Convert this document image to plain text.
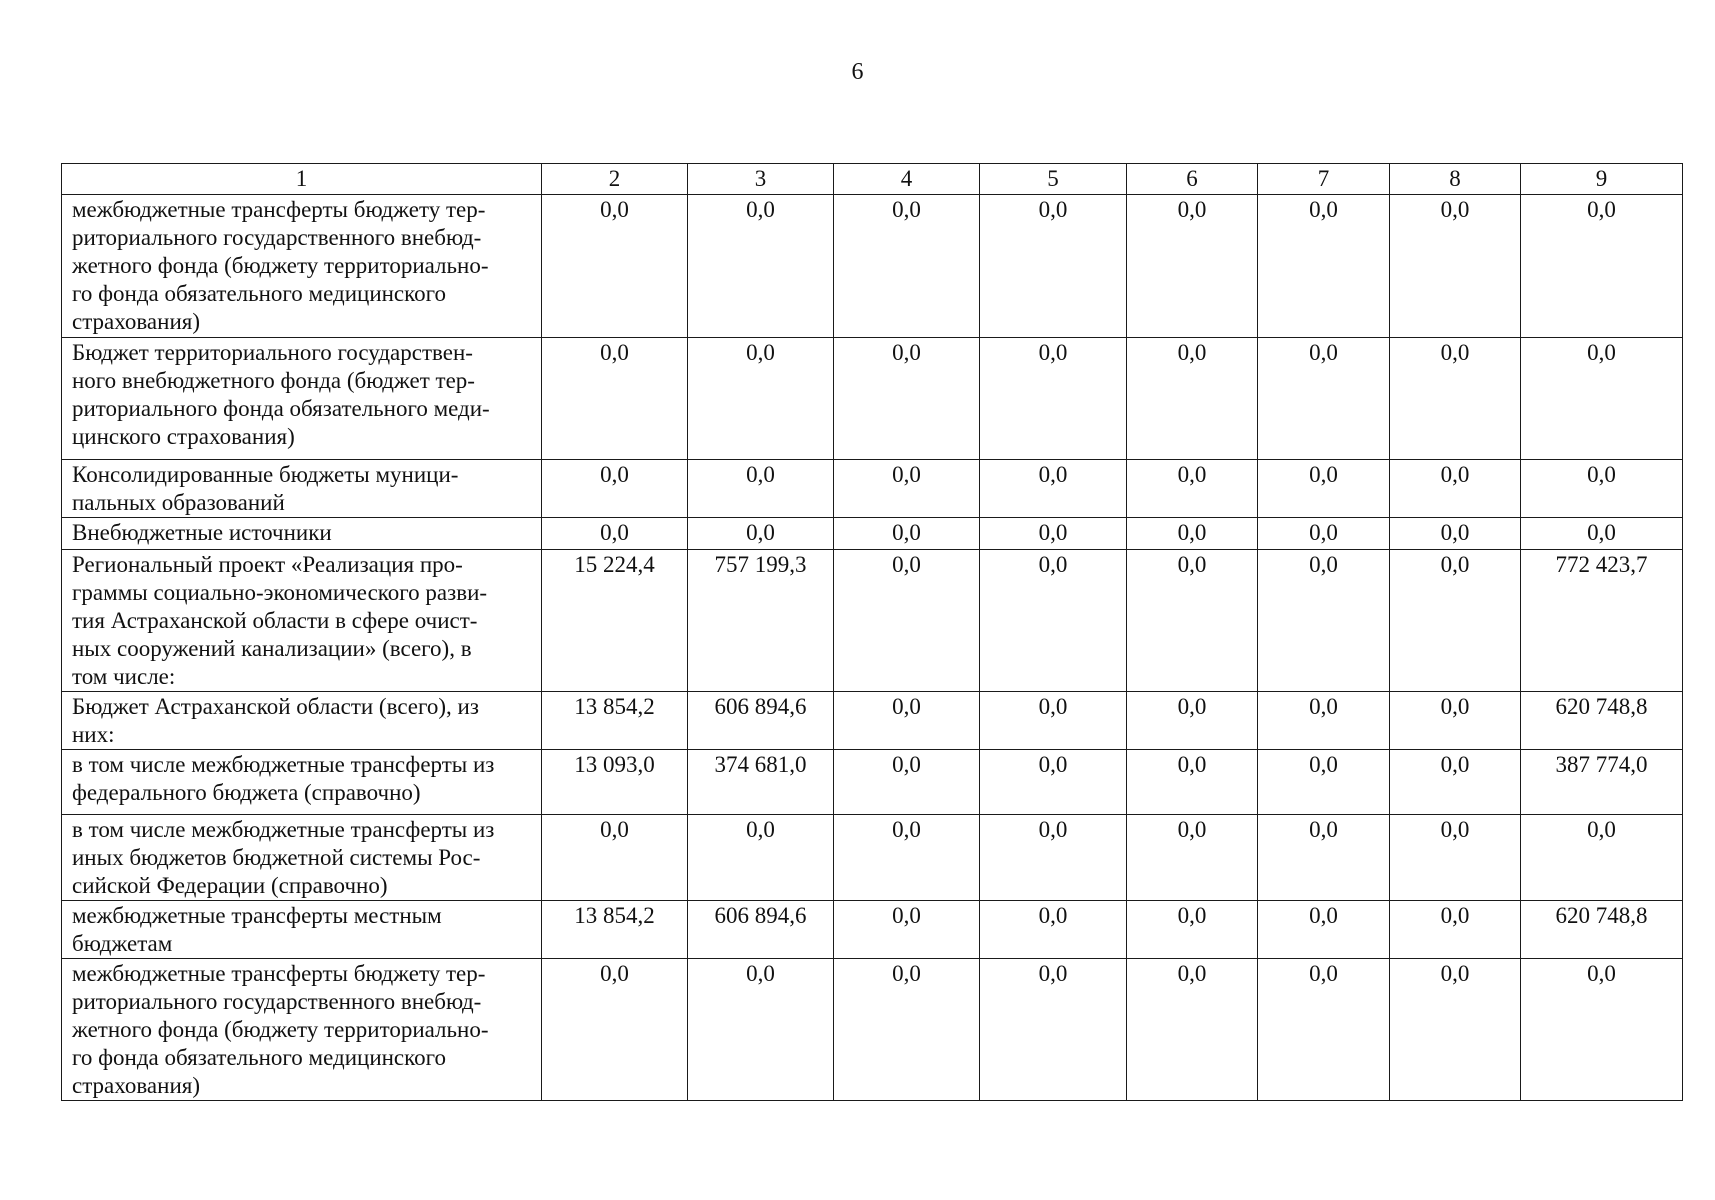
6
1	2	3	4	5	6	7	8	9
межбюджетные трансферты бюджету тер-
риториального государственного внебюд-
жетного фонда (бюджету территориально-
го фонда обязательного медицинского
страхования)	0,0	0,0	0,0	0,0	0,0	0,0	0,0	0,0
Бюджет территориального государствен-
ного внебюджетного фонда (бюджет тер-
риториального фонда обязательного меди-
цинского страхования)	0,0	0,0	0,0	0,0	0,0	0,0	0,0	0,0
Консолидированные бюджеты муници-
пальных образований	0,0	0,0	0,0	0,0	0,0	0,0	0,0	0,0
Внебюджетные источники	0,0	0,0	0,0	0,0	0,0	0,0	0,0	0,0
Региональный проект «Реализация про-
граммы социально-экономического разви-
тия Астраханской области в сфере очист-
ных сооружений канализации» (всего), в
том числе:	15 224,4	757 199,3	0,0	0,0	0,0	0,0	0,0	772 423,7
Бюджет Астраханской области (всего), из
них:	13 854,2	606 894,6	0,0	0,0	0,0	0,0	0,0	620 748,8
в том числе межбюджетные трансферты из
федерального бюджета (справочно)	13 093,0	374 681,0	0,0	0,0	0,0	0,0	0,0	387 774,0
в том числе межбюджетные трансферты из
иных бюджетов бюджетной системы Рос-
сийской Федерации (справочно)	0,0	0,0	0,0	0,0	0,0	0,0	0,0	0,0
межбюджетные трансферты местным
бюджетам	13 854,2	606 894,6	0,0	0,0	0,0	0,0	0,0	620 748,8
межбюджетные трансферты бюджету тер-
риториального государственного внебюд-
жетного фонда (бюджету территориально-
го фонда обязательного медицинского
страхования)	0,0	0,0	0,0	0,0	0,0	0,0	0,0	0,0
